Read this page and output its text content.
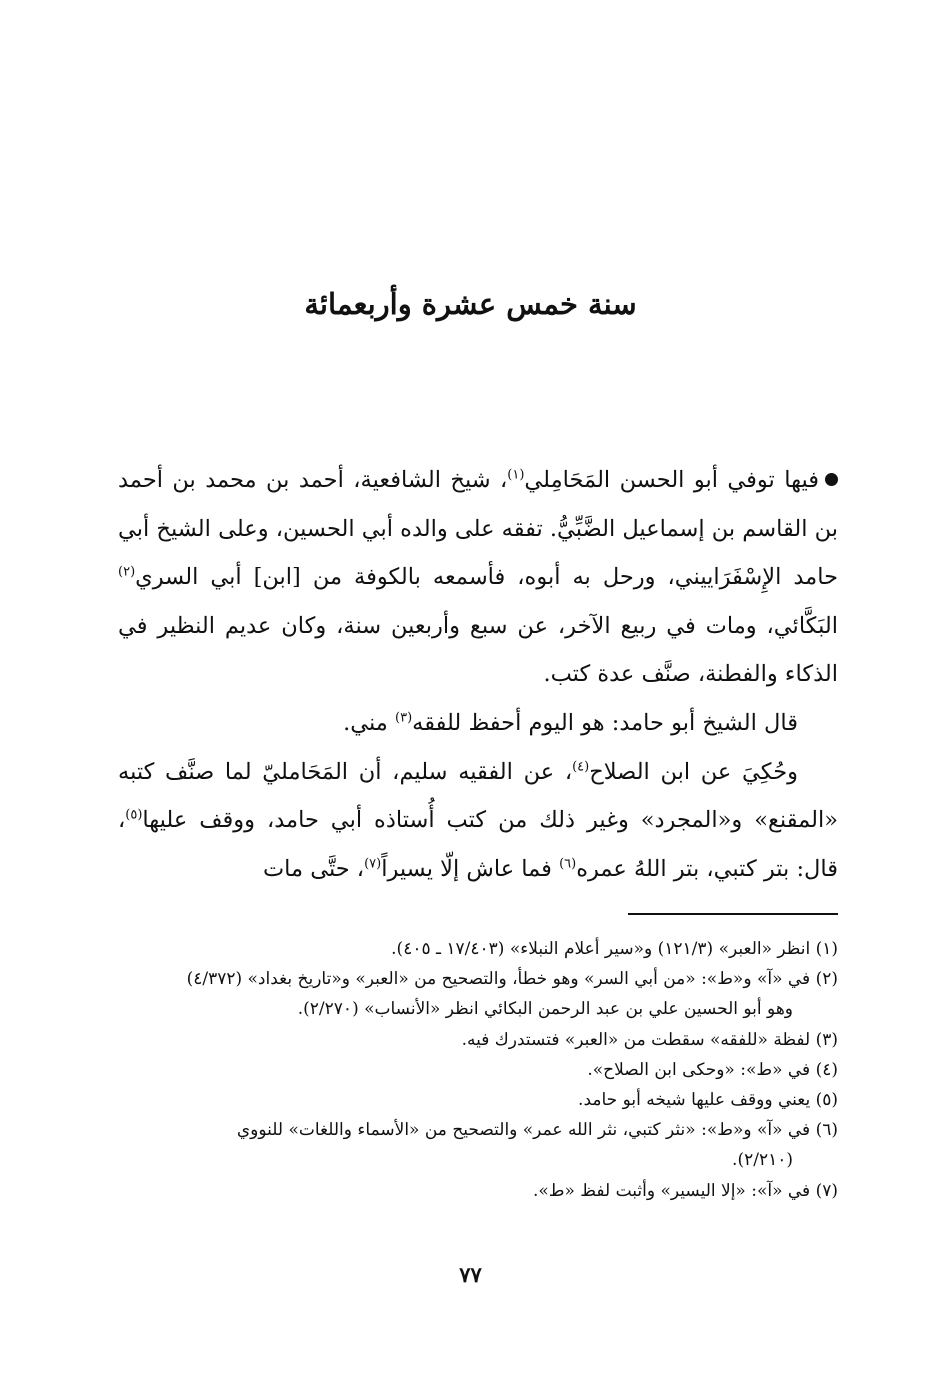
سنة خمس عشرة وأربعمائة

فيها توفي أبو الحسن المَحَامِلي$^{(١)}$، شيخ الشافعية، أحمد بن محمد بن أحمد بن القاسم بن إسماعيل الضَّبِّيُّ. تفقه على والده أبي الحسين، وعلى الشيخ أبي حامد الإِسْفَرَاييني، ورحل به أبوه، فأسمعه بالكوفة من [ابن] أبي السري$^{(٢)}$ البَكَّائي، ومات في ربيع الآخر، عن سبع وأربعين سنة، وكان عديم النظير في الذكاء والفطنة، صنَّف عدة كتب.

قال الشيخ أبو حامد: هو اليوم أحفظ للفقه$^{(٣)}$ مني.

وحُكِيَ عن ابن الصلاح$^{(٤)}$، عن الفقيه سليم، أن المَحَامليّ لما صنَّف كتبه «المقنع» و«المجرد» وغير ذلك من كتب أُستاذه أبي حامد، ووقف عليها$^{(٥)}$، قال: بتر كتبي، بتر اللهُ عمره$^{(٦)}$ فما عاش إلّا يسيراً$^{(٧)}$، حتَّى مات

(١) انظر «العبر» (١٢١/٣) و«سير أعلام النبلاء» (١٧/٤٠٣ ـ ٤٠٥).

(٢) في «آ» و«ط»: «من أبي السر» وهو خطأ، والتصحيح من «العبر» و«تاريخ بغداد» (٤/٣٧٢)

وهو أبو الحسين علي بن عبد الرحمن البكائي انظر «الأنساب» (٢/٢٧٠).

(٣) لفظة «للفقه» سقطت من «العبر» فتستدرك فيه.

(٤) في «ط»: «وحكى ابن الصلاح».

(٥) يعني ووقف عليها شيخه أبو حامد.

(٦) في «آ» و«ط»: «نثر كتبي، نثر الله عمر» والتصحيح من «الأسماء واللغات» للنووي

(٢/٢١٠).

(٧) في «آ»: «إلا اليسير» وأثبت لفظ «ط».

٧٧
